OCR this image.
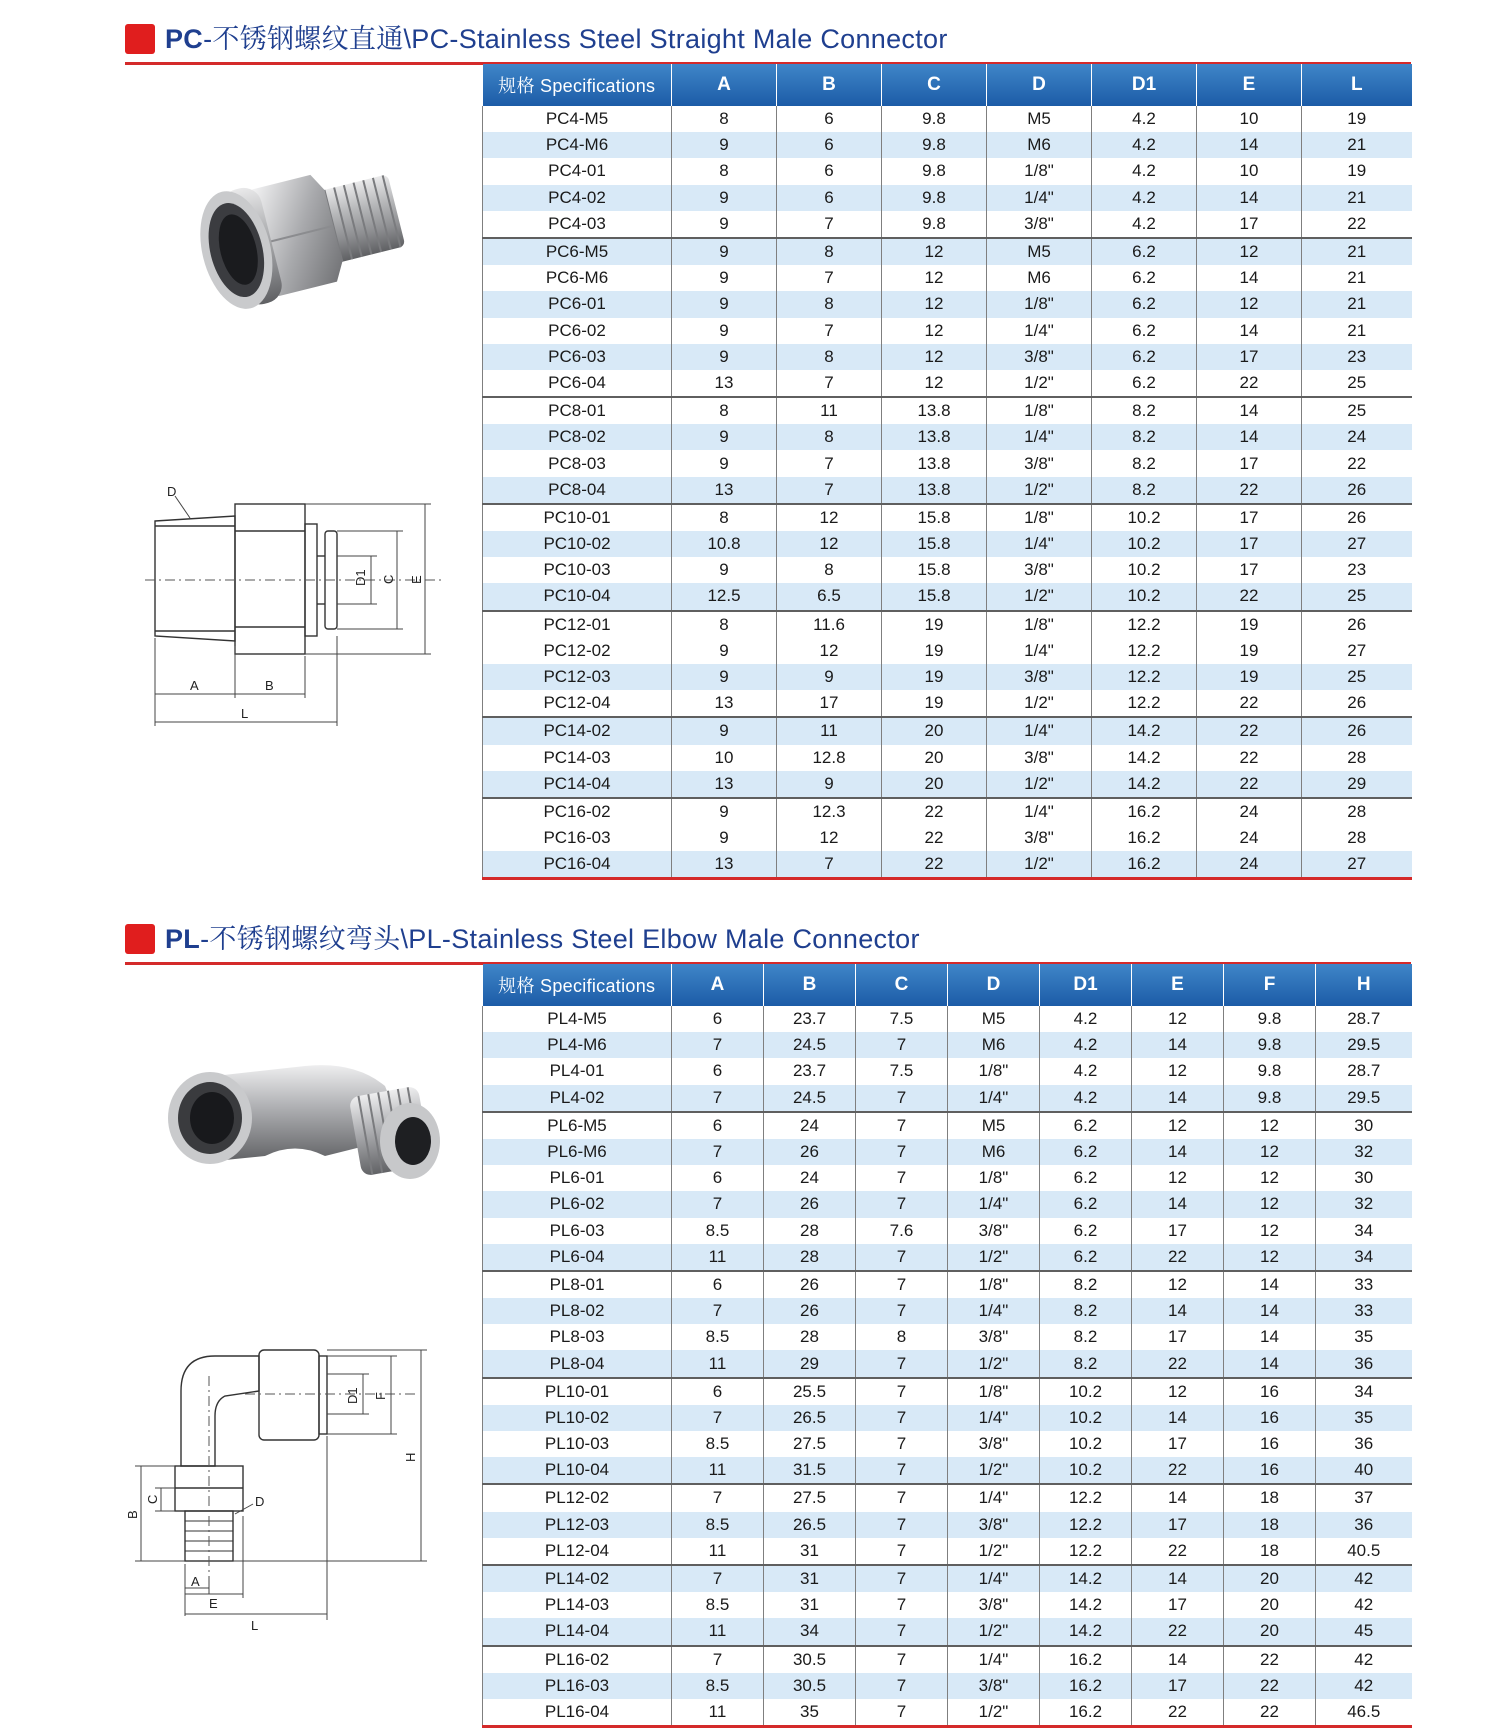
PC-不锈钢螺纹直通\PC-Stainless Steel Straight Male Connector
D
D1 C E
A	B
L
规格 Specifications	A	B	C	D	D1	E	L
PC4-M5	8	6	9.8	M5	4.2	10	19
PC4-M6	9	6	9.8	M6	4.2	14	21
PC4-01	8	6	9.8	1/8"	4.2	10	19
PC4-02	9	6	9.8	1/4"	4.2	14	21
PC4-03	9	7	9.8	3/8"	4.2	17	22
PC6-M5	9	8	12	M5	6.2	12	21
PC6-M6	9	7	12	M6	6.2	14	21
PC6-01	9	8	12	1/8"	6.2	12	21
PC6-02	9	7	12	1/4"	6.2	14	21
PC6-03	9	8	12	3/8"	6.2	17	23
PC6-04	13	7	12	1/2"	6.2	22	25
PC8-01	8	11	13.8	1/8"	8.2	14	25
PC8-02	9	8	13.8	1/4"	8.2	14	24
PC8-03	9	7	13.8	3/8"	8.2	17	22
PC8-04	13	7	13.8	1/2"	8.2	22	26
PC10-01	8	12	15.8	1/8"	10.2	17	26
PC10-02	10.8	12	15.8	1/4"	10.2	17	27
PC10-03	9	8	15.8	3/8"	10.2	17	23
PC10-04	12.5	6.5	15.8	1/2"	10.2	22	25
PC12-01	8	11.6	19	1/8"	12.2	19	26
PC12-02	9	12	19	1/4"	12.2	19	27
PC12-03	9	9	19	3/8"	12.2	19	25
PC12-04	13	17	19	1/2"	12.2	22	26
PC14-02	9	11	20	1/4"	14.2	22	26
PC14-03	10	12.8	20	3/8"	14.2	22	28
PC14-04	13	9	20	1/2"	14.2	22	29
PC16-02	9	12.3	22	1/4"	16.2	24	28
PC16-03	9	12	22	3/8"	16.2	24	28
PC16-04	13	7	22	1/2"	16.2	24	27
PL-不锈钢螺纹弯头\PL-Stainless Steel Elbow Male Connector
D1 F
H
B
C	D
A
E
L
规格 Specifications	A	B	C	D	D1	E	F	H
PL4-M5	6	23.7	7.5	M5	4.2	12	9.8	28.7
PL4-M6	7	24.5	7	M6	4.2	14	9.8	29.5
PL4-01	6	23.7	7.5	1/8"	4.2	12	9.8	28.7
PL4-02	7	24.5	7	1/4"	4.2	14	9.8	29.5
PL6-M5	6	24	7	M5	6.2	12	12	30
PL6-M6	7	26	7	M6	6.2	14	12	32
PL6-01	6	24	7	1/8"	6.2	12	12	30
PL6-02	7	26	7	1/4"	6.2	14	12	32
PL6-03	8.5	28	7.6	3/8"	6.2	17	12	34
PL6-04	11	28	7	1/2"	6.2	22	12	34
PL8-01	6	26	7	1/8"	8.2	12	14	33
PL8-02	7	26	7	1/4"	8.2	14	14	33
PL8-03	8.5	28	8	3/8"	8.2	17	14	35
PL8-04	11	29	7	1/2"	8.2	22	14	36
PL10-01	6	25.5	7	1/8"	10.2	12	16	34
PL10-02	7	26.5	7	1/4"	10.2	14	16	35
PL10-03	8.5	27.5	7	3/8"	10.2	17	16	36
PL10-04	11	31.5	7	1/2"	10.2	22	16	40
PL12-02	7	27.5	7	1/4"	12.2	14	18	37
PL12-03	8.5	26.5	7	3/8"	12.2	17	18	36
PL12-04	11	31	7	1/2"	12.2	22	18	40.5
PL14-02	7	31	7	1/4"	14.2	14	20	42
PL14-03	8.5	31	7	3/8"	14.2	17	20	42
PL14-04	11	34	7	1/2"	14.2	22	20	45
PL16-02	7	30.5	7	1/4"	16.2	14	22	42
PL16-03	8.5	30.5	7	3/8"	16.2	17	22	42
PL16-04	11	35	7	1/2"	16.2	22	22	46.5
